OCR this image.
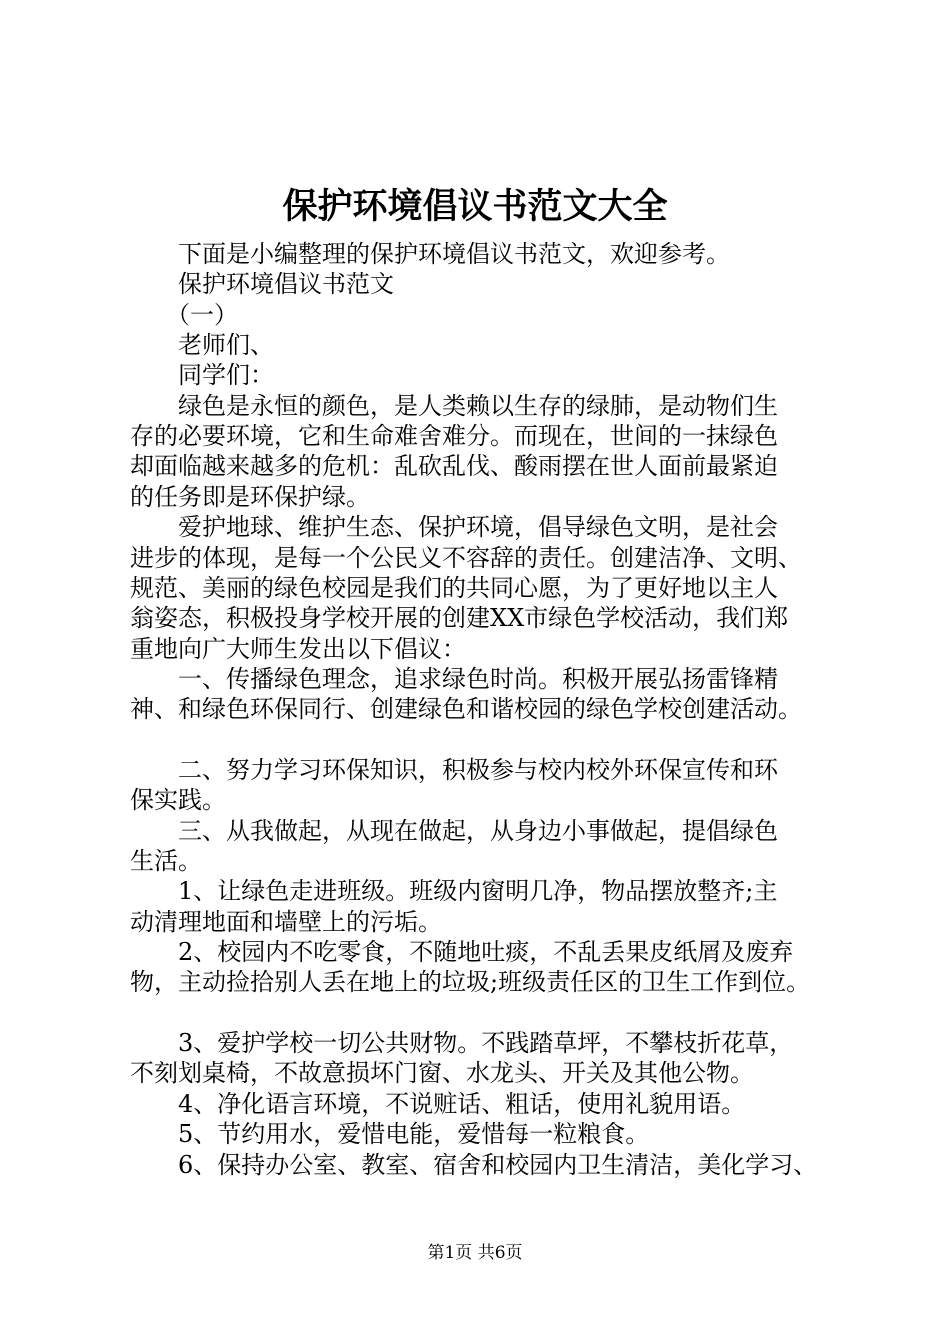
保护环境倡议书范文大全
　　下面是小编整理的保护环境倡议书范文，欢迎参考。
　　保护环境倡议书范文
　　（一）
　　老师们、
　　同学们：
　　绿色是永恒的颜色，是人类赖以生存的绿肺，是动物们生
存的必要环境，它和生命难舍难分。而现在，世间的一抹绿色
却面临越来越多的危机：乱砍乱伐、酸雨摆在世人面前最紧迫
的任务即是环保护绿。
　　爱护地球、维护生态、保护环境，倡导绿色文明，是社会
进步的体现，是每一个公民义不容辞的责任。创建洁净、文明、
规范、美丽的绿色校园是我们的共同心愿，为了更好地以主人
翁姿态，积极投身学校开展的创建XX市绿色学校活动，我们郑
重地向广大师生发出以下倡议：
　　一、传播绿色理念，追求绿色时尚。积极开展弘扬雷锋精
神、和绿色环保同行、创建绿色和谐校园的绿色学校创建活动。
　　二、努力学习环保知识，积极参与校内校外环保宣传和环
保实践。
　　三、从我做起，从现在做起，从身边小事做起，提倡绿色
生活。
　　1、让绿色走进班级。班级内窗明几净，物品摆放整齐;主
动清理地面和墙壁上的污垢。
　　2、校园内不吃零食，不随地吐痰，不乱丢果皮纸屑及废弃
物，主动捡拾别人丢在地上的垃圾;班级责任区的卫生工作到位。
　　3、爱护学校一切公共财物。不践踏草坪，不攀枝折花草，
不刻划桌椅，不故意损坏门窗、水龙头、开关及其他公物。
　　4、净化语言环境，不说赃话、粗话，使用礼貌用语。
　　5、节约用水，爱惜电能，爱惜每一粒粮食。
　　6、保持办公室、教室、宿舍和校园内卫生清洁，美化学习、
第1页 共6页
